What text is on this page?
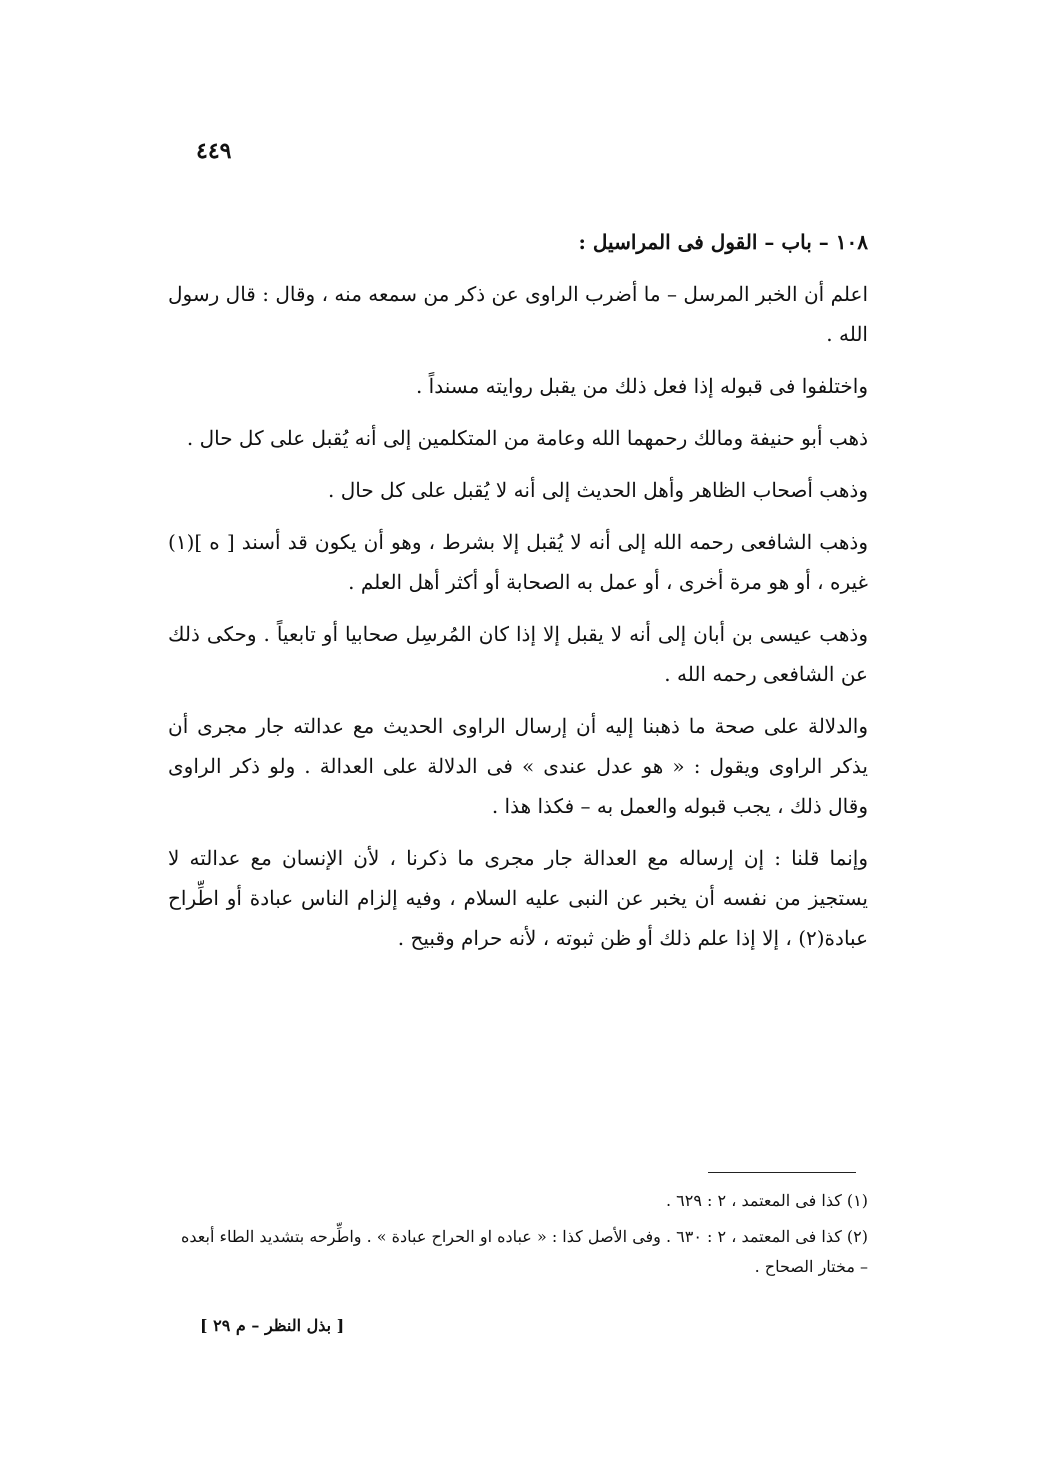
٤٤٩
١٠٨ – باب – القول فى المراسيل :

اعلم أن الخبر المرسل – ما أضرب الراوى عن ذكر من سمعه منه ، وقال : قال رسول الله .

واختلفوا فى قبوله إذا فعل ذلك من يقبل روايته مسنداً .

ذهب أبو حنيفة ومالك رحمهما الله وعامة من المتكلمين إلى أنه يُقبل على كل حال .

وذهب أصحاب الظاهر وأهل الحديث إلى أنه لا يُقبل على كل حال .

وذهب الشافعى رحمه الله إلى أنه لا يُقبل إلا بشرط ، وهو أن يكون قد أسند [ ه ](١) غيره ، أو هو مرة أخرى ، أو عمل به الصحابة أو أكثر أهل العلم .

وذهب عيسى بن أبان إلى أنه لا يقبل إلا إذا كان المُرسِل صحابيا أو تابعياً . وحكى ذلك عن الشافعى رحمه الله .

والدلالة على صحة ما ذهبنا إليه أن إرسال الراوى الحديث مع عدالته جار مجرى أن يذكر الراوى ويقول : « هو عدل عندى » فى الدلالة على العدالة . ولو ذكر الراوى وقال ذلك ، يجب قبوله والعمل به – فكذا هذا .

وإنما قلنا : إن إرساله مع العدالة جار مجرى ما ذكرنا ، لأن الإنسان مع عدالته لا يستجيز من نفسه أن يخبر عن النبى عليه السلام ، وفيه إلزام الناس عبادة أو اطِّراح عبادة(٢) ، إلا إذا علم ذلك أو ظن ثبوته ، لأنه حرام وقبيح .

(١) كذا فى المعتمد ، ٢ : ٦٢٩ .

(٢) كذا فى المعتمد ، ٢ : ٦٣٠ . وفى الأصل كذا : « عباده او الحراح عبادة » . واطِّرحه بتشديد الطاء أبعده – مختار الصحاح .

[ بذل النظر – م ٢٩ ]
